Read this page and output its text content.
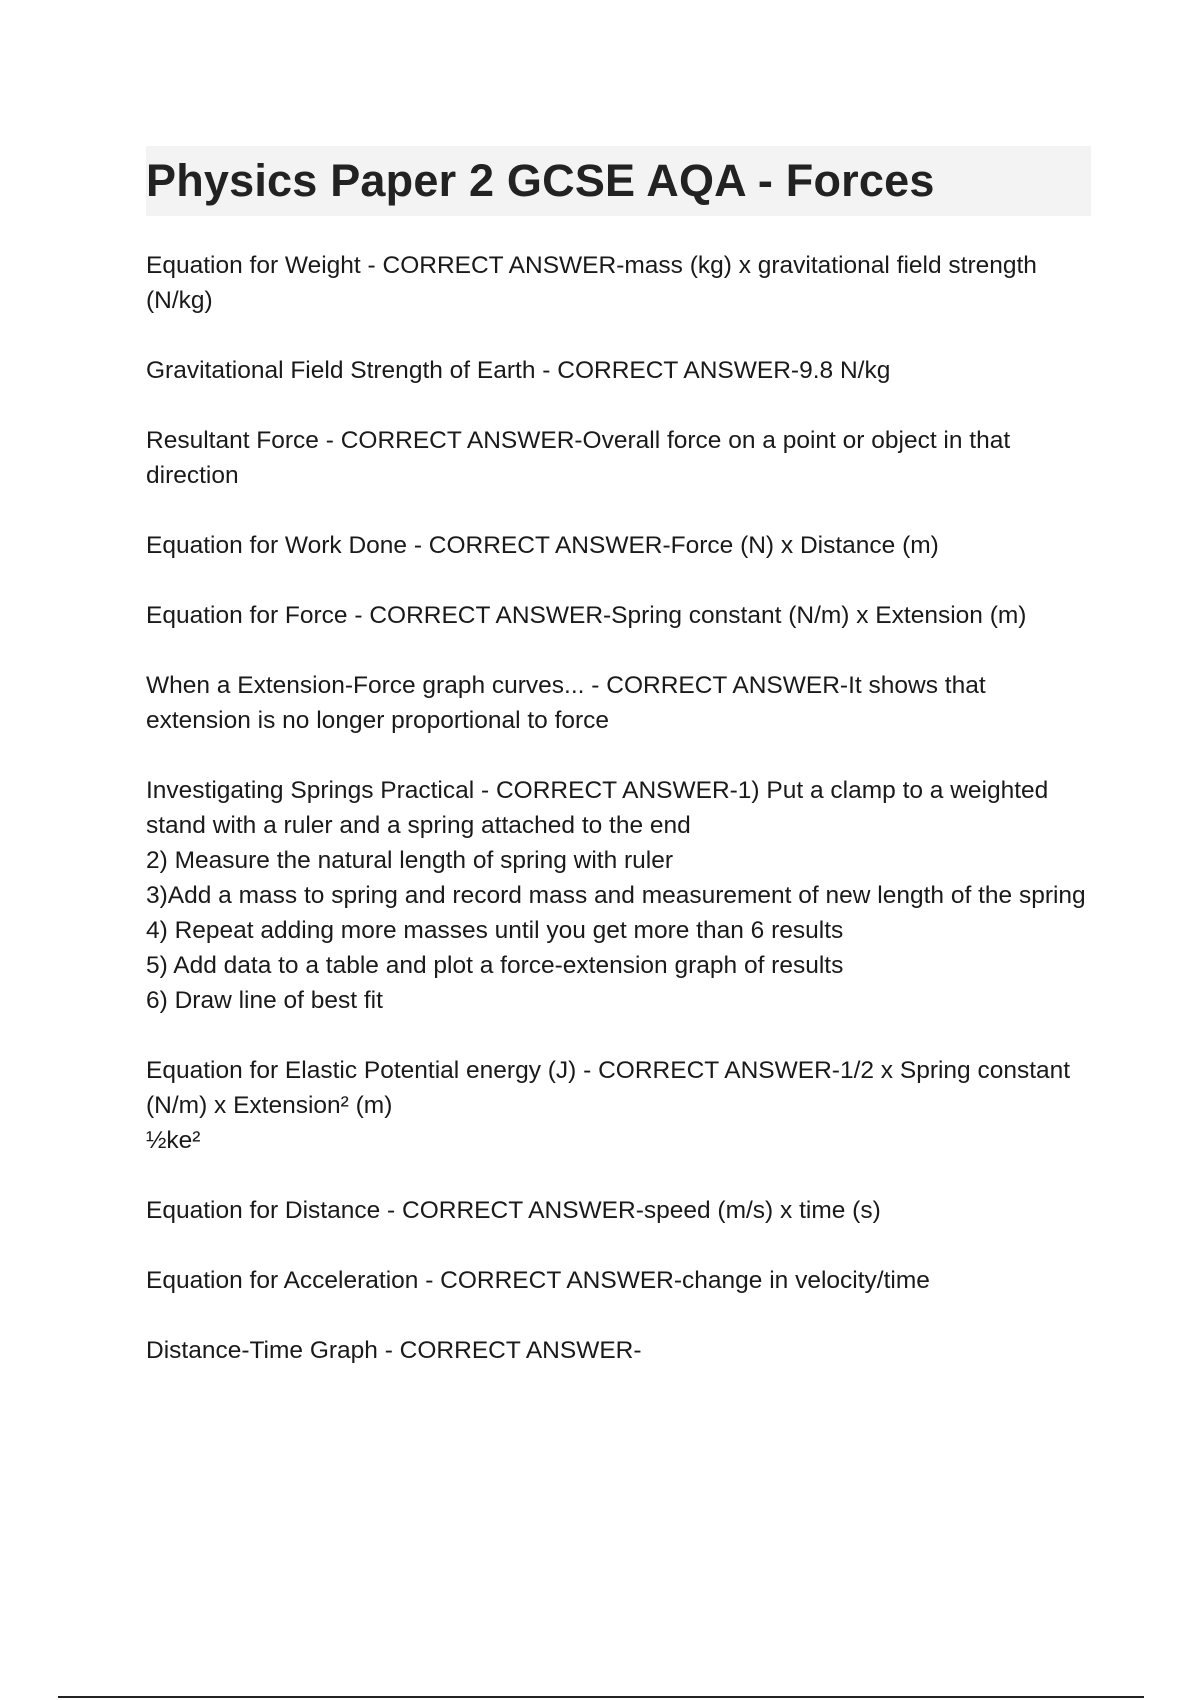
Physics Paper 2 GCSE AQA - Forces
Equation for Weight - CORRECT ANSWER-mass (kg) x gravitational field strength (N/kg)
Gravitational Field Strength of Earth - CORRECT ANSWER-9.8 N/kg
Resultant Force - CORRECT ANSWER-Overall force on a point or object in that direction
Equation for Work Done - CORRECT ANSWER-Force (N) x Distance (m)
Equation for Force - CORRECT ANSWER-Spring constant (N/m) x Extension (m)
When a Extension-Force graph curves... - CORRECT ANSWER-It shows that extension is no longer proportional to force
Investigating Springs Practical - CORRECT ANSWER-1) Put a clamp to a weighted stand with a ruler and a spring attached to the end
2) Measure the natural length of spring with ruler
3)Add a mass to spring and record mass and measurement of new length of the spring
4) Repeat adding more masses until you get more than 6 results
5) Add data to a table and plot a force-extension graph of results
6) Draw line of best fit
Equation for Elastic Potential energy (J) - CORRECT ANSWER-1/2 x Spring constant (N/m) x Extension² (m)
½ke²
Equation for Distance - CORRECT ANSWER-speed (m/s) x time (s)
Equation for Acceleration - CORRECT ANSWER-change in velocity/time
Distance-Time Graph - CORRECT ANSWER-
